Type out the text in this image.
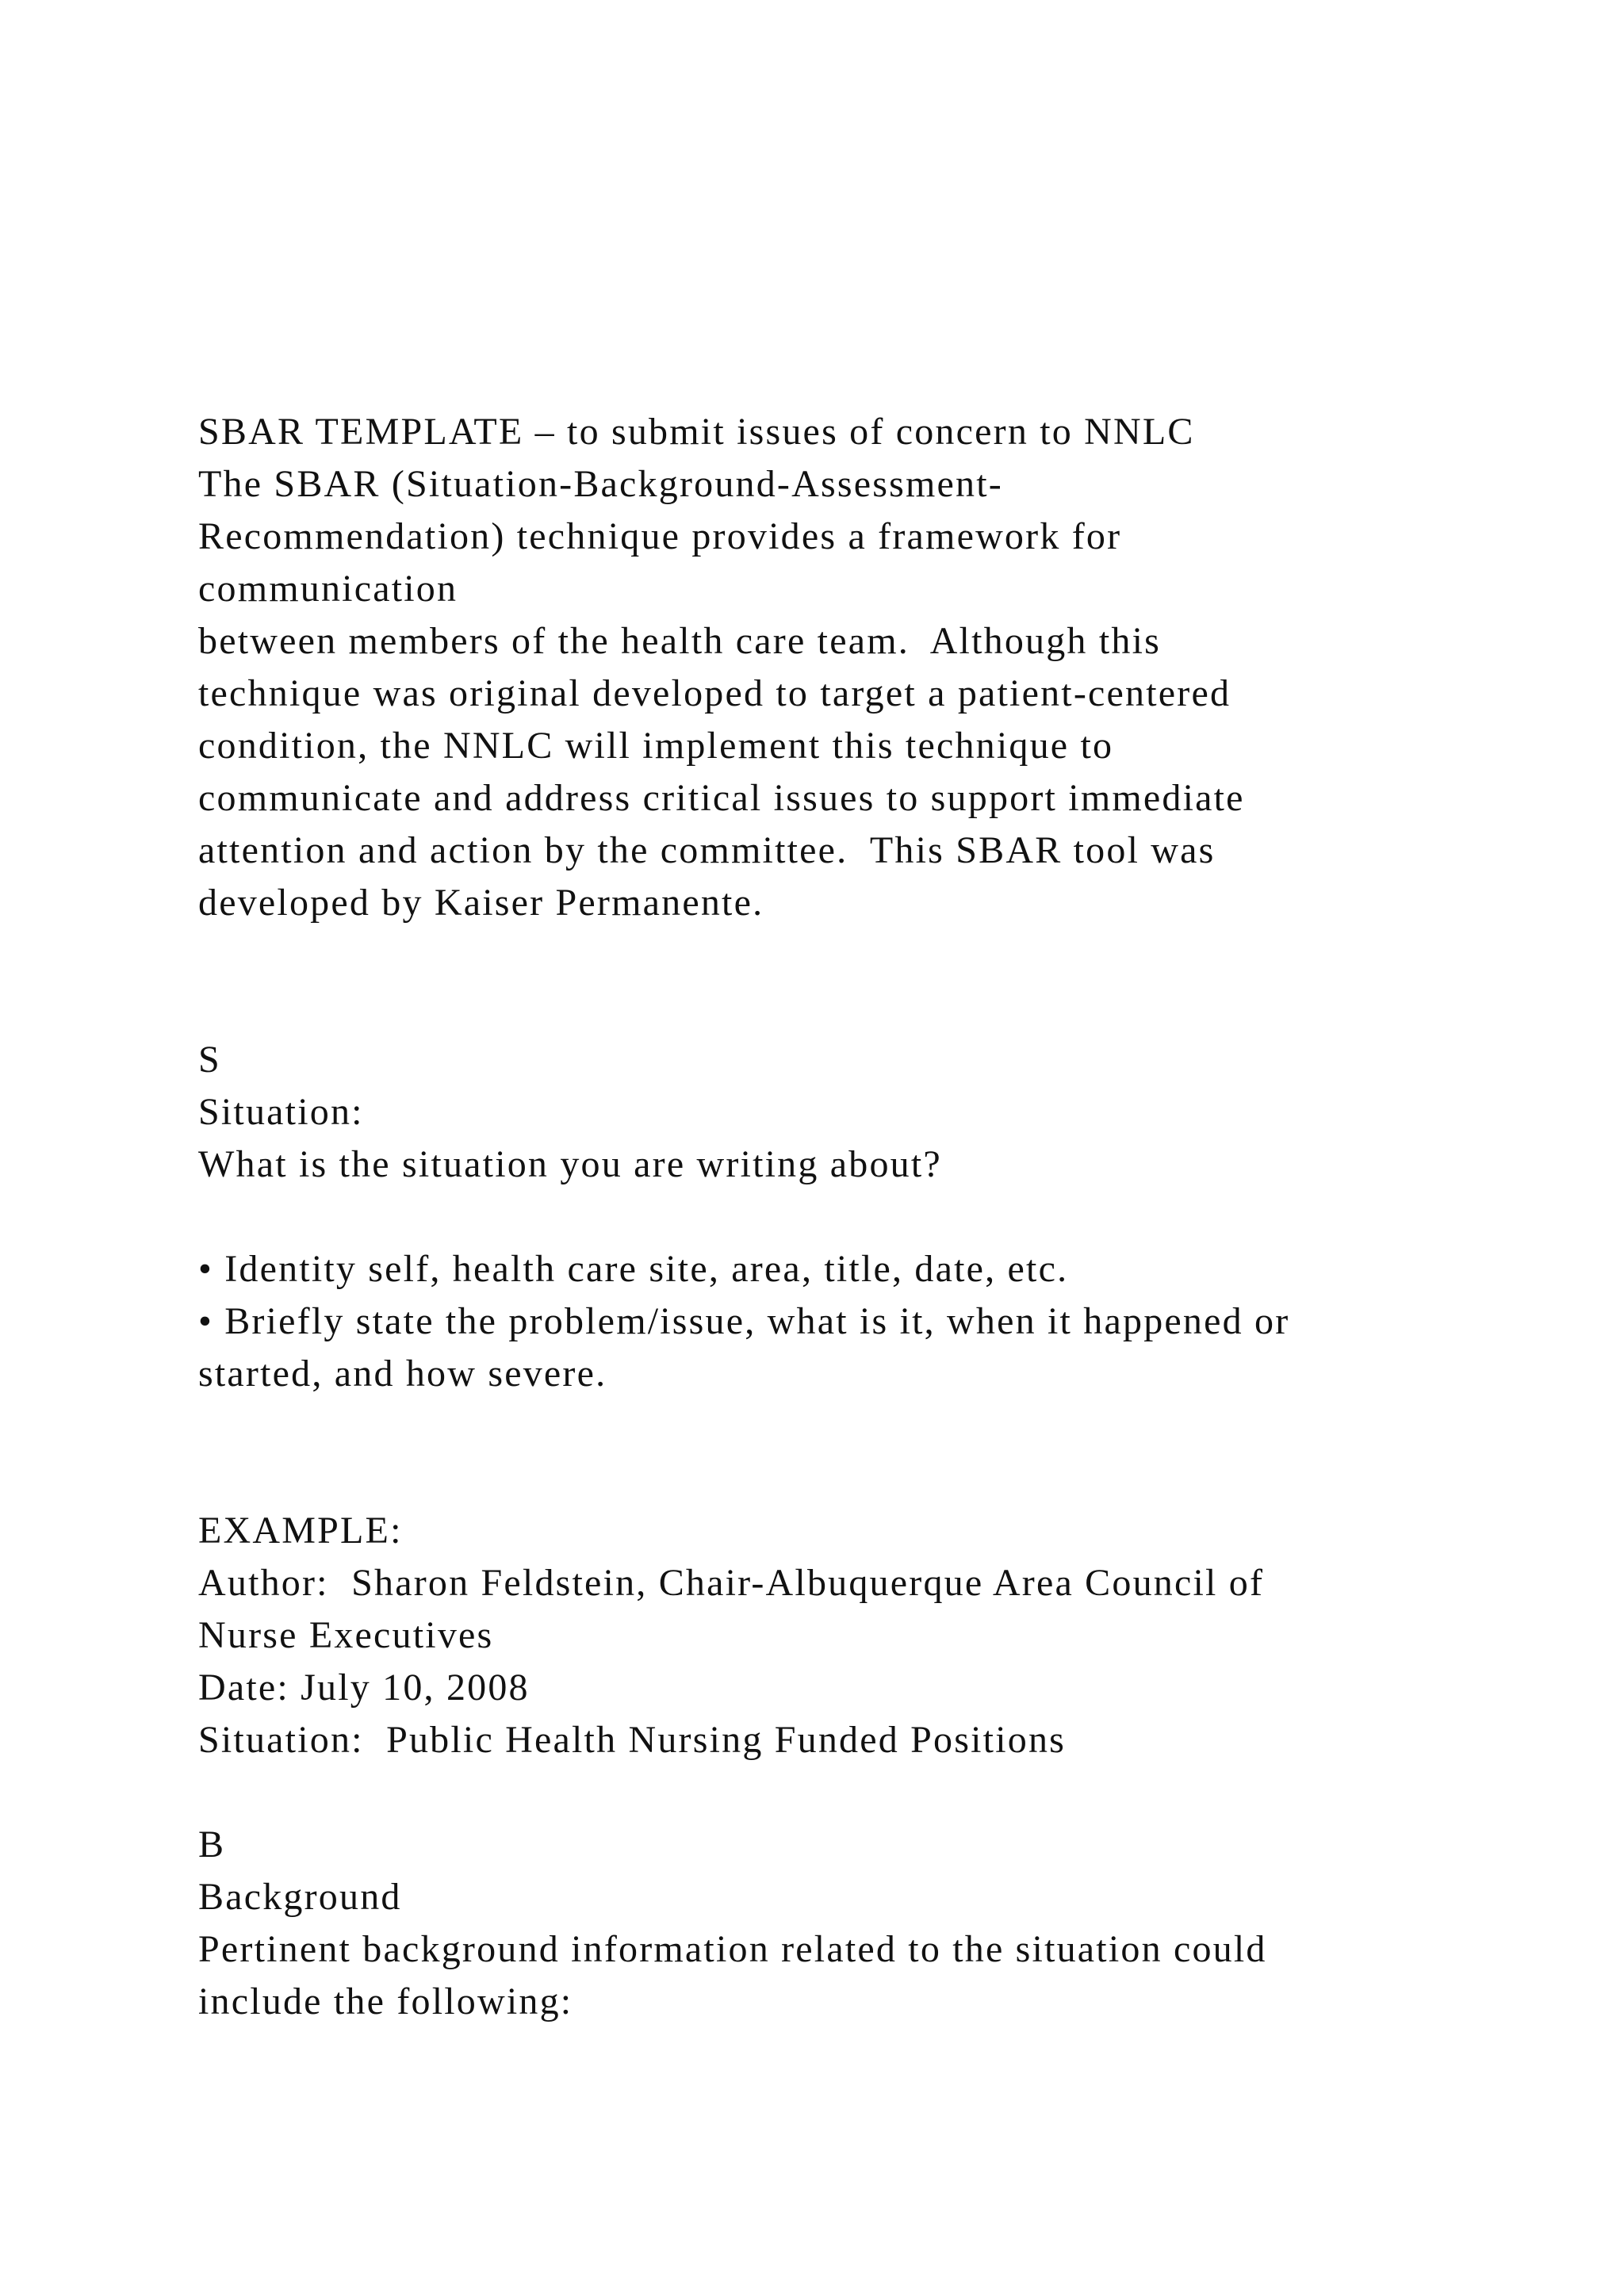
SBAR TEMPLATE – to submit issues of concern to NNLC
The SBAR (Situation-Background-Assessment-
Recommendation) technique provides a framework for
communication
between members of the health care team.  Although this
technique was original developed to target a patient-centered
condition, the NNLC will implement this technique to
communicate and address critical issues to support immediate
attention and action by the committee.  This SBAR tool was
developed by Kaiser Permanente.
S
Situation:
What is the situation you are writing about?
• Identity self, health care site, area, title, date, etc.
• Briefly state the problem/issue, what is it, when it happened or
started, and how severe.
EXAMPLE:
Author:  Sharon Feldstein, Chair-Albuquerque Area Council of
Nurse Executives
Date: July 10, 2008
Situation:  Public Health Nursing Funded Positions
B
Background
Pertinent background information related to the situation could
include the following:
